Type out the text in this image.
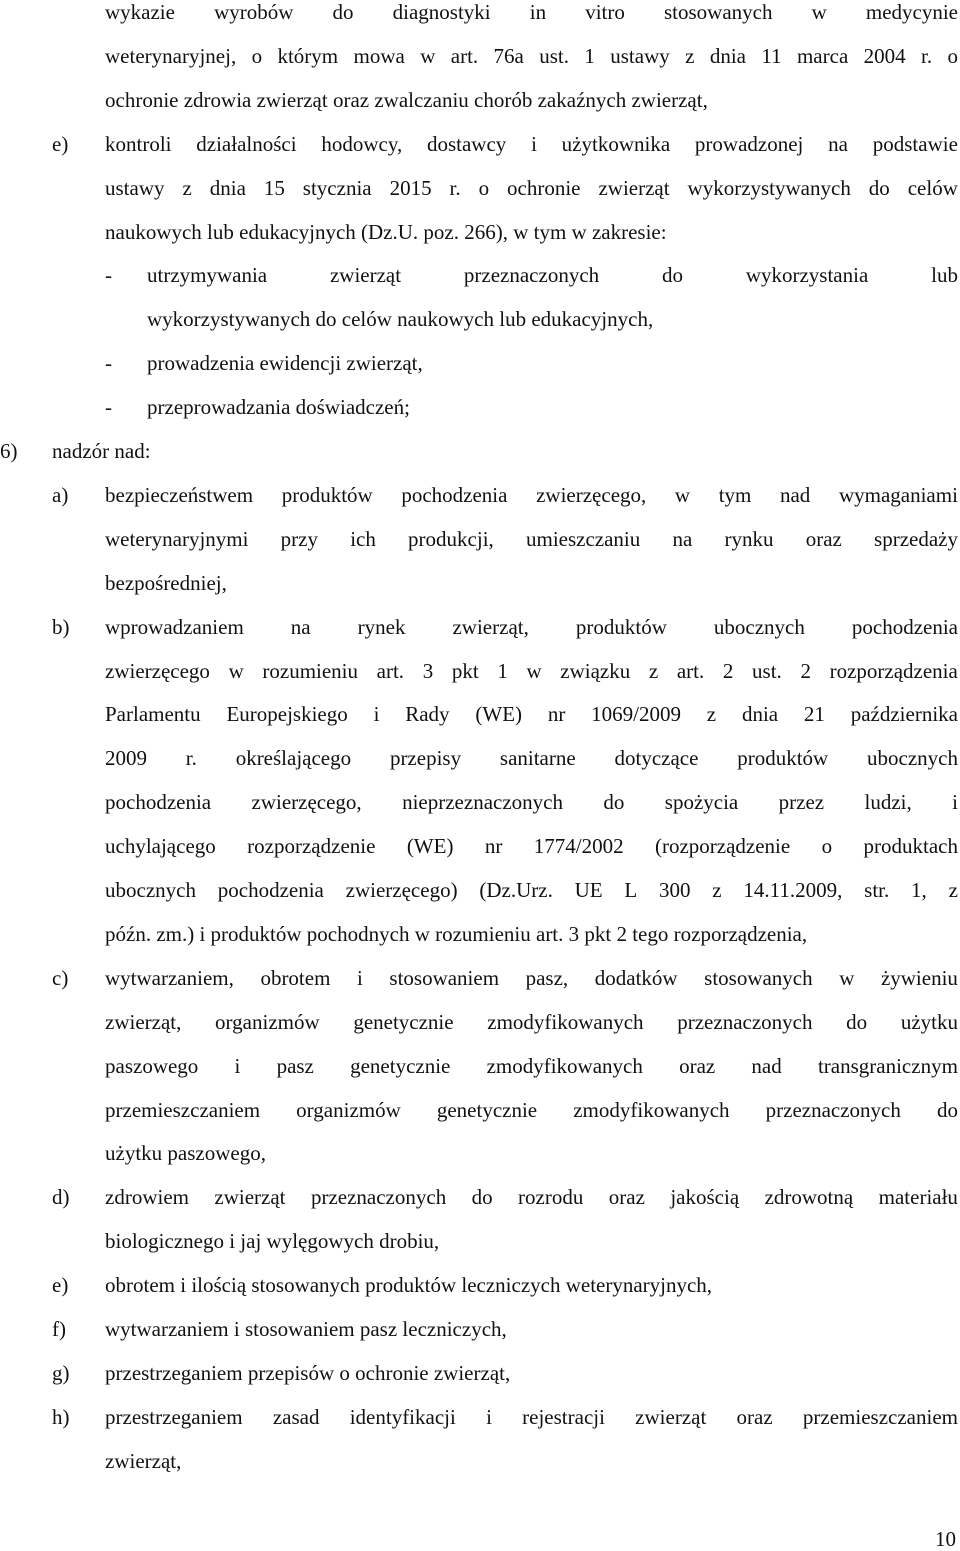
wykazie wyrobów do diagnostyki in vitro stosowanych w medycynie
weterynaryjnej, o którym mowa w art. 76a ust. 1 ustawy z dnia 11 marca 2004 r. o
ochronie zdrowia zwierząt oraz zwalczaniu chorób zakaźnych zwierząt,
e) kontroli działalności hodowcy, dostawcy i użytkownika prowadzonej na podstawie
ustawy z dnia 15 stycznia 2015 r. o ochronie zwierząt wykorzystywanych do celów
naukowych lub edukacyjnych (Dz.U. poz. 266), w tym w zakresie:
- utrzymywania	zwierząt	przeznaczonych	do	wykorzystania	lub
wykorzystywanych do celów naukowych lub edukacyjnych,
- prowadzenia ewidencji zwierząt,
- przeprowadzania doświadczeń;
6) nadzór nad:
a) bezpieczeństwem produktów pochodzenia zwierzęcego, w tym nad wymaganiami
weterynaryjnymi przy ich produkcji, umieszczaniu na rynku oraz sprzedaży
bezpośredniej,
b) wprowadzaniem na rynek zwierząt, produktów ubocznych pochodzenia
zwierzęcego w rozumieniu art. 3 pkt 1 w związku z art. 2 ust. 2 rozporządzenia
Parlamentu Europejskiego i Rady (WE) nr 1069/2009 z dnia 21 października
2009 r. określającego przepisy sanitarne dotyczące produktów ubocznych
pochodzenia zwierzęcego, nieprzeznaczonych do spożycia przez ludzi, i
uchylającego rozporządzenie (WE) nr 1774/2002 (rozporządzenie o produktach
ubocznych pochodzenia zwierzęcego) (Dz.Urz. UE L 300 z 14.11.2009, str. 1, z
późn. zm.) i produktów pochodnych w rozumieniu art. 3 pkt 2 tego rozporządzenia,
c) wytwarzaniem, obrotem i stosowaniem pasz, dodatków stosowanych w żywieniu
zwierząt, organizmów genetycznie zmodyfikowanych przeznaczonych do użytku
paszowego i pasz genetycznie zmodyfikowanych oraz nad transgranicznym
przemieszczaniem organizmów genetycznie zmodyfikowanych przeznaczonych do
użytku paszowego,
d) zdrowiem zwierząt przeznaczonych do rozrodu oraz jakością zdrowotną materiału
biologicznego i jaj wylęgowych drobiu,
e) obrotem i ilością stosowanych produktów leczniczych weterynaryjnych,
f) wytwarzaniem i stosowaniem pasz leczniczych,
g) przestrzeganiem przepisów o ochronie zwierząt,
h) przestrzeganiem zasad identyfikacji i rejestracji zwierząt oraz przemieszczaniem
zwierząt,
10
